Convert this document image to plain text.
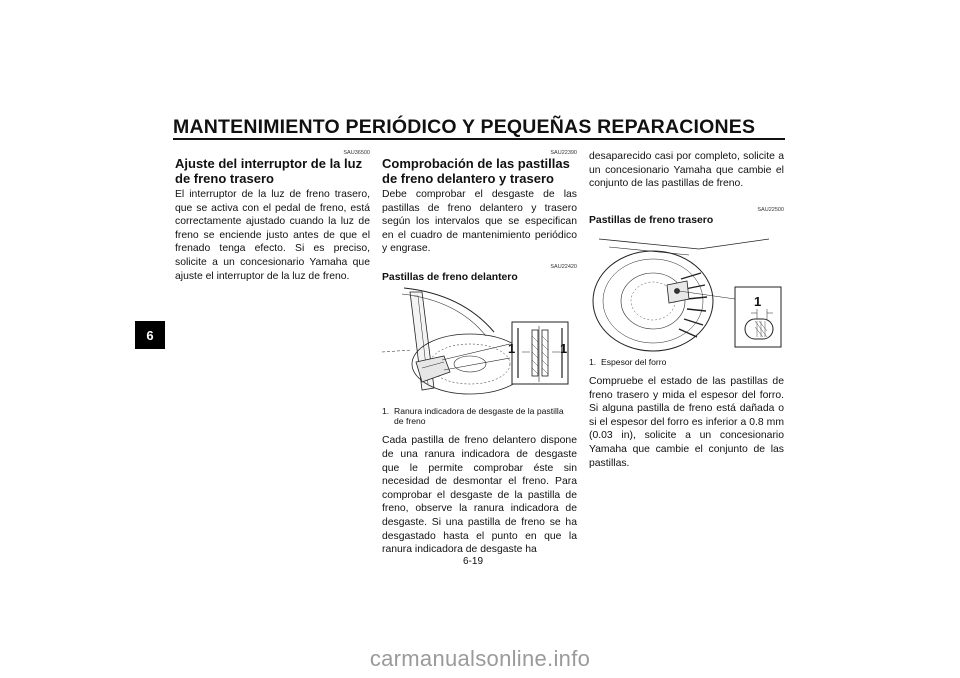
MANTENIMIENTO PERIÓDICO Y PEQUEÑAS REPARACIONES
6
SAU36500
Ajuste del interruptor de la luz de freno trasero

El interruptor de la luz de freno trasero, que se activa con el pedal de freno, está correctamente ajustado cuando la luz de freno se enciende justo antes de que el frenado tenga efecto. Si es preciso, solicite a un concesionario Yamaha que ajuste el interruptor de la luz de freno.

SAU22390
Comprobación de las pastillas de freno delantero y trasero

Debe comprobar el desgaste de las pastillas de freno delantero y trasero según los intervalos que se especifican en el cuadro de mantenimiento periódico y engrase.

SAU22420
Pastillas de freno delantero
1	1
1. Ranura indicadora de desgaste de la pastilla de freno

Cada pastilla de freno delantero dispone de una ranura indicadora de desgaste que le permite comprobar éste sin necesidad de desmontar el freno. Para comprobar el desgaste de la pastilla de freno, observe la ranura indicadora de desgaste. Si una pastilla de freno se ha desgastado hasta el punto en que la ranura indicadora de desgaste ha

desaparecido casi por completo, solicite a un concesionario Yamaha que cambie el conjunto de las pastillas de freno.

SAU22500
Pastillas de freno trasero
1
1. Espesor del forro

Compruebe el estado de las pastillas de freno trasero y mida el espesor del forro. Si alguna pastilla de freno está dañada o si el espesor del forro es inferior a 0.8 mm (0.03 in), solicite a un concesionario Yamaha que cambie el conjunto de las pastillas.

6-19
carmanualsonline.info
